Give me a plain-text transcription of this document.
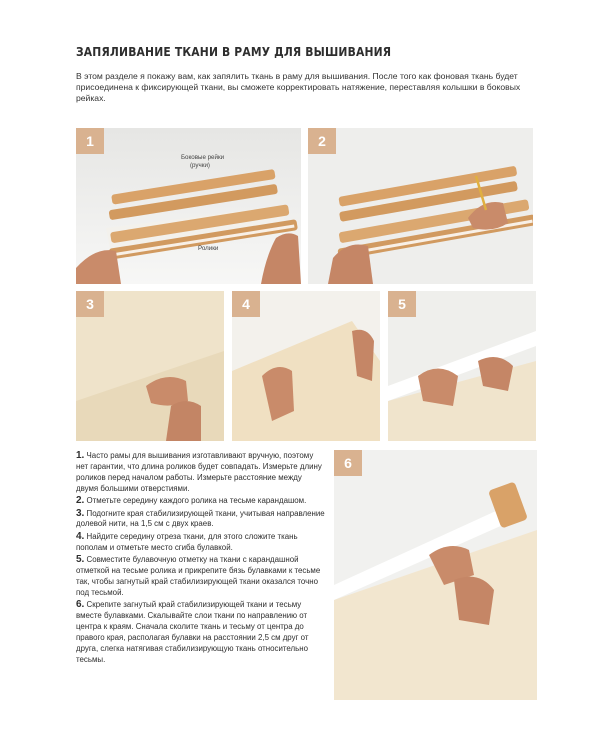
ЗАПЯЛИВАНИЕ ТКАНИ В РАМУ ДЛЯ ВЫШИВАНИЯ
В этом разделе я покажу вам, как запялить ткань в раму для вышивания. После того как фоновая ткань будет присоединена к фиксирующей ткани, вы сможете корректировать натяжение, переставляя колышки в боковых рейках.
1
Боковые рейки
(ручки)
Ролики
2
3	4	5
6

1. Часто рамы для вышивания изготавливают вручную, поэтому нет гарантии, что длина роликов будет совпадать. Измерьте длину роликов перед началом работы. Измерьте расстояние между двумя большими отверстиями.

2. Отметьте середину каждого ролика на тесьме карандашом.

3. Подогните края стабилизирующей ткани, учитывая направление долевой нити, на 1,5 см с двух краев.

4. Найдите середину отреза ткани, для этого сложите ткань пополам и отметьте место сгиба булавкой.

5. Совместите булавочную отметку на ткани с карандашной отметкой на тесьме ролика и прикрепите бязь булавками к тесьме так, чтобы загнутый край стабилизирующей ткани оказался точно под тесьмой.

6. Скрепите загнутый край стабилизирующей ткани и тесьму вместе булавками. Скалывайте слои ткани по направлению от центра к краям. Сначала сколите ткань и тесьму от центра до правого края, располагая булавки на расстоянии 2,5 см друг от друга, слегка натягивая стабилизирующую ткань относительно тесьмы.
